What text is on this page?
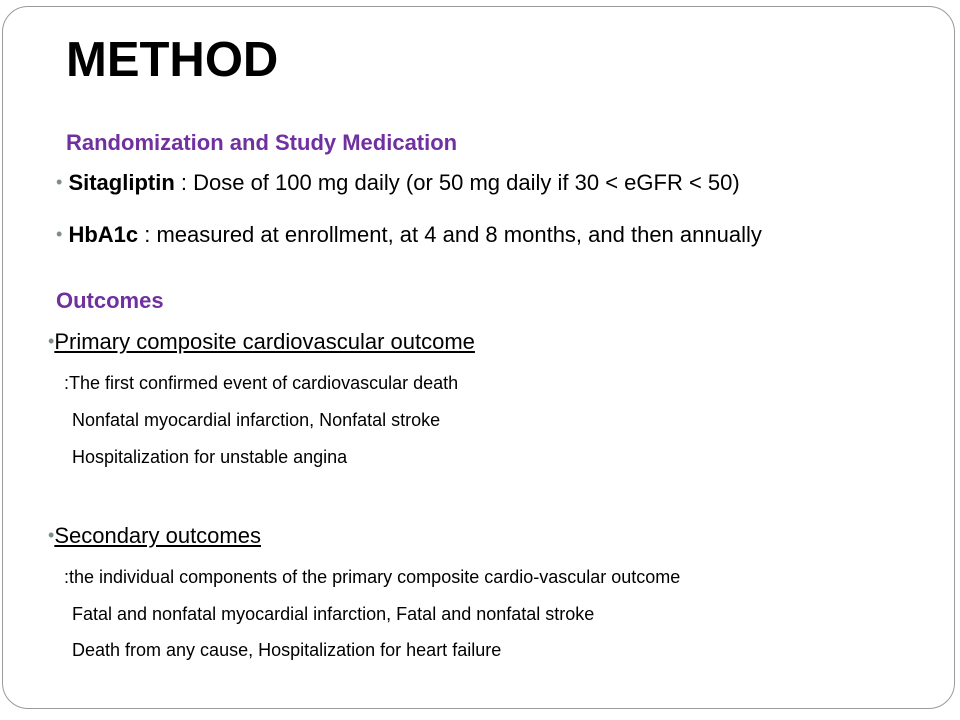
METHOD
Randomization and Study Medication
• Sitagliptin : Dose of 100 mg daily (or 50 mg daily if 30 < eGFR < 50)
• HbA1c : measured at enrollment, at 4 and 8 months, and then annually
Outcomes
•Primary composite cardiovascular outcome
:The first confirmed event of cardiovascular death
Nonfatal myocardial infarction, Nonfatal stroke
Hospitalization for unstable angina
•Secondary outcomes
:the individual components of the primary composite cardio-vascular outcome
Fatal and nonfatal myocardial infarction, Fatal and nonfatal stroke
Death from any cause, Hospitalization for heart failure
